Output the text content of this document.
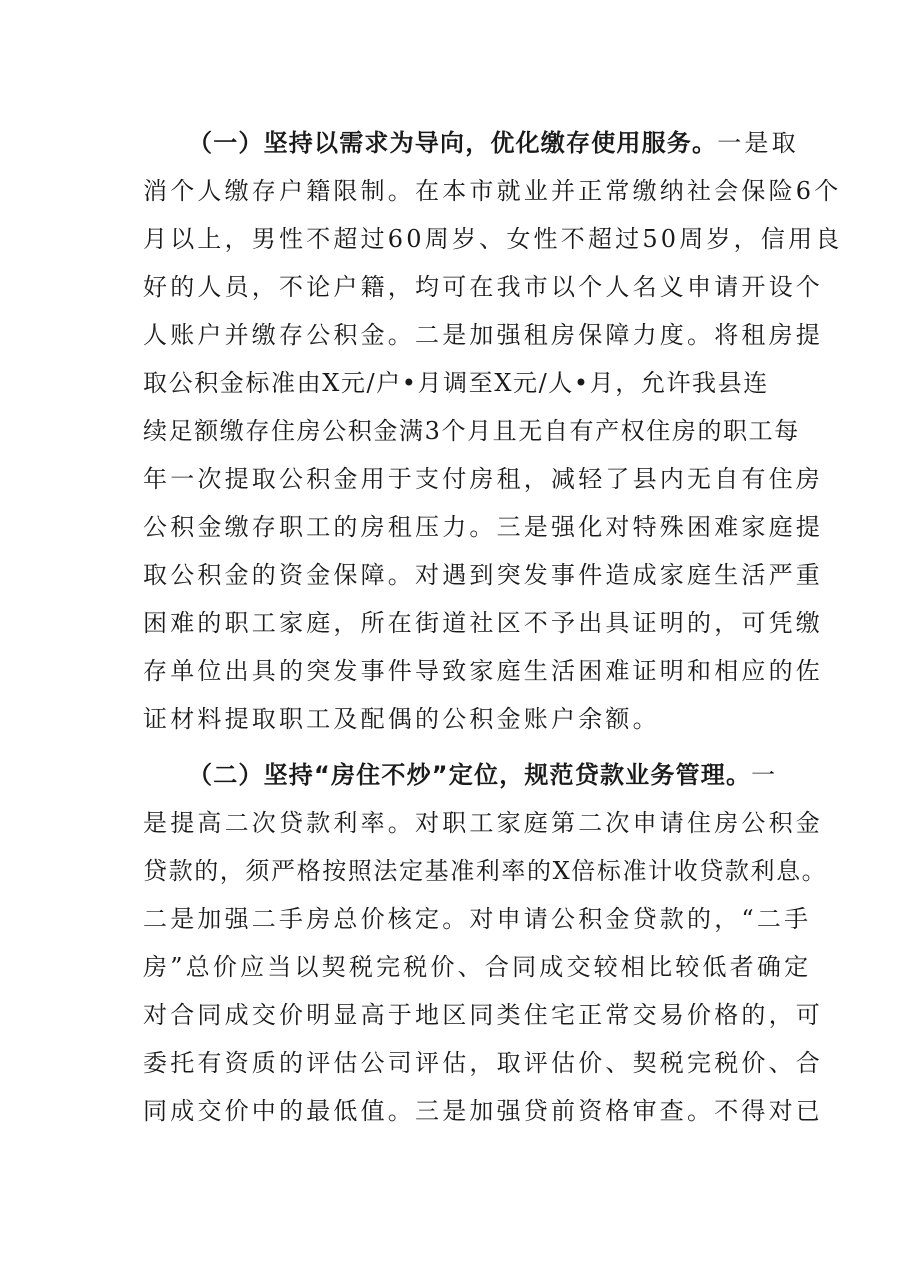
（一）坚持以需求为导向，优化缴存使用服务。一是取
消个人缴存户籍限制。在本市就业并正常缴纳社会保险6个
月以上，男性不超过60周岁、女性不超过50周岁，信用良
好的人员，不论户籍，均可在我市以个人名义申请开设个
人账户并缴存公积金。二是加强租房保障力度。将租房提
取公积金标准由X元/户•月调至X元/人•月，允许我县连
续足额缴存住房公积金满3个月且无自有产权住房的职工每
年一次提取公积金用于支付房租，减轻了县内无自有住房
公积金缴存职工的房租压力。三是强化对特殊困难家庭提
取公积金的资金保障。对遇到突发事件造成家庭生活严重
困难的职工家庭，所在街道社区不予出具证明的，可凭缴
存单位出具的突发事件导致家庭生活困难证明和相应的佐
证材料提取职工及配偶的公积金账户余额。
（二）坚持“房住不炒”定位，规范贷款业务管理。一
是提高二次贷款利率。对职工家庭第二次申请住房公积金
贷款的，须严格按照法定基准利率的X倍标准计收贷款利息。
二是加强二手房总价核定。对申请公积金贷款的，“二手
房”总价应当以契税完税价、合同成交较相比较低者确定
对合同成交价明显高于地区同类住宅正常交易价格的，可
委托有资质的评估公司评估，取评估价、契税完税价、合
同成交价中的最低值。三是加强贷前资格审查。不得对已
